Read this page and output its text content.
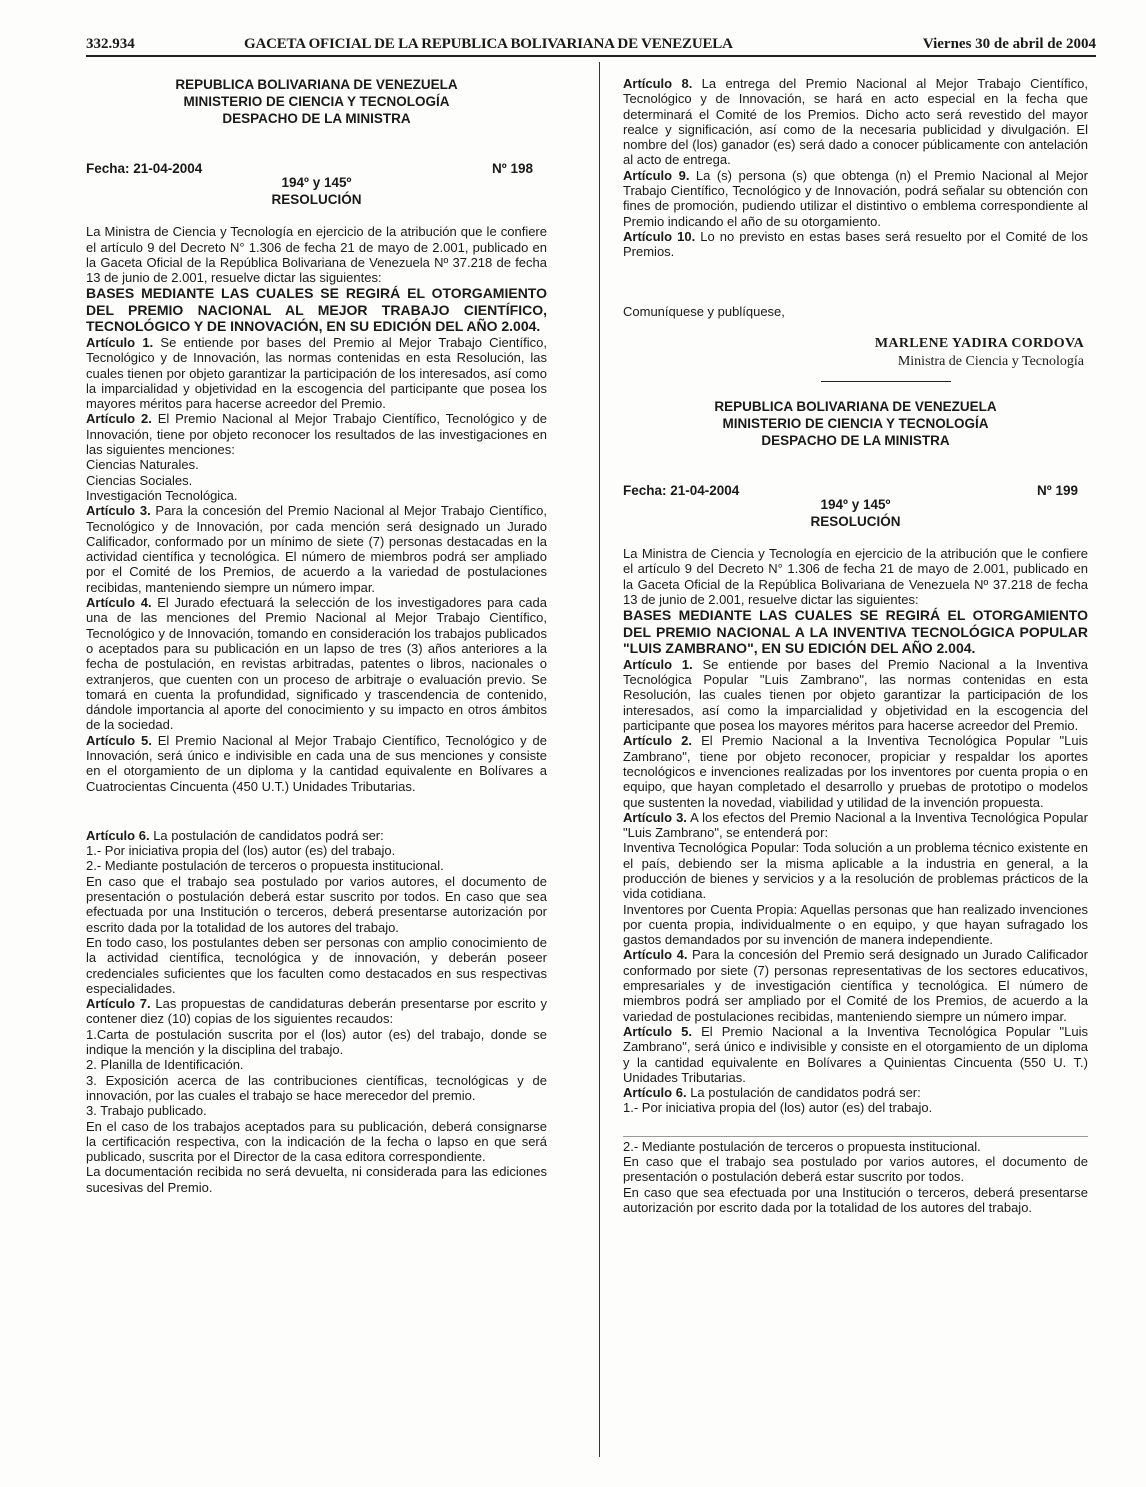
332.934	GACETA OFICIAL DE LA REPUBLICA BOLIVARIANA DE VENEZUELA	Viernes 30 de abril de 2004

REPUBLICA BOLIVARIANA DE VENEZUELA

MINISTERIO DE CIENCIA Y TECNOLOGÍA

DESPACHO DE LA MINISTRA

Fecha: 21-04-2004	Nº 198

194º y 145º

RESOLUCIÓN

La Ministra de Ciencia y Tecnología en ejercicio de la atribución que le confiere el artículo 9 del Decreto N° 1.306 de fecha 21 de mayo de 2.001, publicado en la Gaceta Oficial de la República Bolivariana de Venezuela Nº 37.218 de fecha 13 de junio de 2.001, resuelve dictar las siguientes:

BASES MEDIANTE LAS CUALES SE REGIRÁ EL OTORGAMIENTO DEL PREMIO NACIONAL AL MEJOR TRABAJO CIENTÍFICO, TECNOLÓGICO Y DE INNOVACIÓN, EN SU EDICIÓN DEL AÑO 2.004.

Artículo 1. Se entiende por bases del Premio al Mejor Trabajo Científico, Tecnológico y de Innovación, las normas contenidas en esta Resolución, las cuales tienen por objeto garantizar la participación de los interesados, así como la imparcialidad y objetividad en la escogencia del participante que posea los mayores méritos para hacerse acreedor del Premio.

Artículo 2. El Premio Nacional al Mejor Trabajo Científico, Tecnológico y de Innovación, tiene por objeto reconocer los resultados de las investigaciones en las siguientes menciones:

Ciencias Naturales.

Ciencias Sociales.

Investigación Tecnológica.

Artículo 3. Para la concesión del Premio Nacional al Mejor Trabajo Científico, Tecnológico y de Innovación, por cada mención será designado un Jurado Calificador, conformado por un mínimo de siete (7) personas destacadas en la actividad científica y tecnológica. El número de miembros podrá ser ampliado por el Comité de los Premios, de acuerdo a la variedad de postulaciones recibidas, manteniendo siempre un número impar.

Artículo 4. El Jurado efectuará la selección de los investigadores para cada una de las menciones del Premio Nacional al Mejor Trabajo Científico, Tecnológico y de Innovación, tomando en consideración los trabajos publicados o aceptados para su publicación en un lapso de tres (3) años anteriores a la fecha de postulación, en revistas arbitradas, patentes o libros, nacionales o extranjeros, que cuenten con un proceso de arbitraje o evaluación previo. Se tomará en cuenta la profundidad, significado y trascendencia de contenido, dándole importancia al aporte del conocimiento y su impacto en otros ámbitos de la sociedad.

Artículo 5. El Premio Nacional al Mejor Trabajo Científico, Tecnológico y de Innovación, será único e indivisible en cada una de sus menciones y consiste en el otorgamiento de un diploma y la cantidad equivalente en Bolívares a Cuatrocientas Cincuenta (450 U.T.) Unidades Tributarias.

Artículo 6. La postulación de candidatos podrá ser:

1.- Por iniciativa propia del (los) autor (es) del trabajo.

2.- Mediante postulación de terceros o propuesta institucional.

En caso que el trabajo sea postulado por varios autores, el documento de presentación o postulación deberá estar suscrito por todos. En caso que sea efectuada por una Institución o terceros, deberá presentarse autorización por escrito dada por la totalidad de los autores del trabajo.

En todo caso, los postulantes deben ser personas con amplio conocimiento de la actividad científica, tecnológica y de innovación, y deberán poseer credenciales suficientes que los faculten como destacados en sus respectivas especialidades.

Artículo 7. Las propuestas de candidaturas deberán presentarse por escrito y contener diez (10) copias de los siguientes recaudos:

1.Carta de postulación suscrita por el (los) autor (es) del trabajo, donde se indique la mención y la disciplina del trabajo.

2. Planilla de Identificación.

3. Exposición acerca de las contribuciones científicas, tecnológicas y de innovación, por las cuales el trabajo se hace merecedor del premio.

3. Trabajo publicado.

En el caso de los trabajos aceptados para su publicación, deberá consignarse la certificación respectiva, con la indicación de la fecha o lapso en que será publicado, suscrita por el Director de la casa editora correspondiente.

La documentación recibida no será devuelta, ni considerada para las ediciones sucesivas del Premio.

Artículo 8. La entrega del Premio Nacional al Mejor Trabajo Científico, Tecnológico y de Innovación, se hará en acto especial en la fecha que determinará el Comité de los Premios. Dicho acto será revestido del mayor realce y significación, así como de la necesaria publicidad y divulgación. El nombre del (los) ganador (es) será dado a conocer públicamente con antelación al acto de entrega.

Artículo 9. La (s) persona (s) que obtenga (n) el Premio Nacional al Mejor Trabajo Científico, Tecnológico y de Innovación, podrá señalar su obtención con fines de promoción, pudiendo utilizar el distintivo o emblema correspondiente al Premio indicando el año de su otorgamiento.

Artículo 10. Lo no previsto en estas bases será resuelto por el Comité de los Premios.

Comuníquese y publíquese,

MARLENE YADIRA CORDOVA
Ministra de Ciencia y Tecnología

REPUBLICA BOLIVARIANA DE VENEZUELA

MINISTERIO DE CIENCIA Y TECNOLOGÍA

DESPACHO DE LA MINISTRA

Fecha: 21-04-2004	Nº 199

194º y 145º

RESOLUCIÓN

La Ministra de Ciencia y Tecnología en ejercicio de la atribución que le confiere el artículo 9 del Decreto N° 1.306 de fecha 21 de mayo de 2.001, publicado en la Gaceta Oficial de la República Bolivariana de Venezuela Nº 37.218 de fecha 13 de junio de 2.001, resuelve dictar las siguientes:

BASES MEDIANTE LAS CUALES SE REGIRÁ EL OTORGAMIENTO DEL PREMIO NACIONAL A LA INVENTIVA TECNOLÓGICA POPULAR "LUIS ZAMBRANO", EN SU EDICIÓN DEL AÑO 2.004.

Artículo 1. Se entiende por bases del Premio Nacional a la Inventiva Tecnológica Popular "Luis Zambrano", las normas contenidas en esta Resolución, las cuales tienen por objeto garantizar la participación de los interesados, así como la imparcialidad y objetividad en la escogencia del participante que posea los mayores méritos para hacerse acreedor del Premio.

Artículo 2. El Premio Nacional a la Inventiva Tecnológica Popular "Luis Zambrano", tiene por objeto reconocer, propiciar y respaldar los aportes tecnológicos e invenciones realizadas por los inventores por cuenta propia o en equipo, que hayan completado el desarrollo y pruebas de prototipo o modelos que sustenten la novedad, viabilidad y utilidad de la invención propuesta.

Artículo 3. A los efectos del Premio Nacional a la Inventiva Tecnológica Popular "Luis Zambrano", se entenderá por:

Inventiva Tecnológica Popular: Toda solución a un problema técnico existente en el país, debiendo ser la misma aplicable a la industria en general, a la producción de bienes y servicios y a la resolución de problemas prácticos de la vida cotidiana.

Inventores por Cuenta Propia: Aquellas personas que han realizado invenciones por cuenta propia, individualmente o en equipo, y que hayan sufragado los gastos demandados por su invención de manera independiente.

Artículo 4. Para la concesión del Premio será designado un Jurado Calificador conformado por siete (7) personas representativas de los sectores educativos, empresariales y de investigación científica y tecnológica. El número de miembros podrá ser ampliado por el Comité de los Premios, de acuerdo a la variedad de postulaciones recibidas, manteniendo siempre un número impar.

Artículo 5. El Premio Nacional a la Inventiva Tecnológica Popular "Luis Zambrano", será único e indivisible y consiste en el otorgamiento de un diploma y la cantidad equivalente en Bolívares a Quinientas Cincuenta (550 U. T.) Unidades Tributarias.

Artículo 6. La postulación de candidatos podrá ser:

1.- Por iniciativa propia del (los) autor (es) del trabajo.

2.- Mediante postulación de terceros o propuesta institucional.

En caso que el trabajo sea postulado por varios autores, el documento de presentación o postulación deberá estar suscrito por todos.

En caso que sea efectuada por una Institución o terceros, deberá presentarse autorización por escrito dada por la totalidad de los autores del trabajo.
